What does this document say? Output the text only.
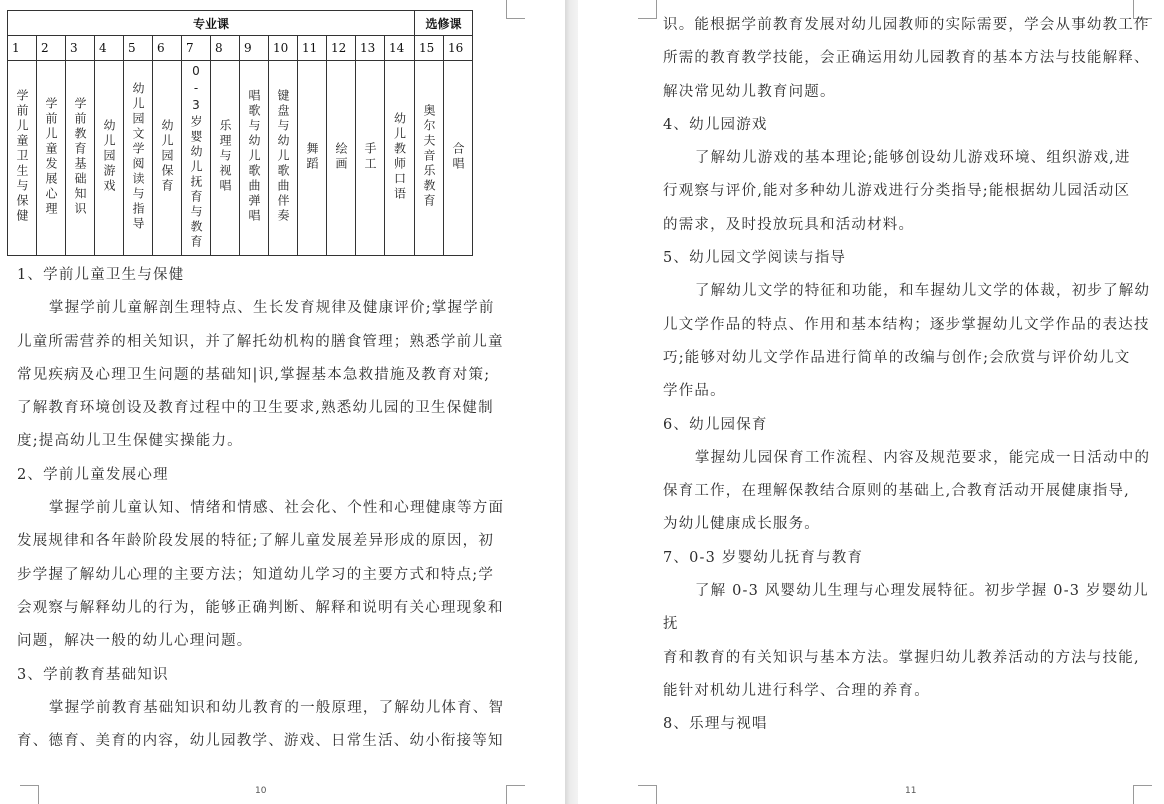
专业课														选修课	
1	2	3	4	5	6	7	8	9	10	11	12	13	14	15	16
学前儿童卫生与保健	学前儿童发展心理	学前教育基础知识	幼儿园游戏	幼儿园文学阅读与指导	幼儿园保育	0-3岁婴幼儿抚育与教育	乐理与视唱	唱歌与幼儿歌曲弹唱	键盘与幼儿歌曲伴奏	舞蹈	绘画	手工	幼儿教师口语	奥尔夫音乐教育	合唱

1、学前儿童卫生与保健

掌握学前儿童解剖生理特点、生长发育规律及健康评价;掌握学前

儿童所需营养的相关知识，并了解托幼机构的膳食管理；熟悉学前儿童

常见疾病及心理卫生问题的基础知|识,掌握基本急救措施及教育对策;

了解教育环境创设及教育过程中的卫生要求,熟悉幼儿园的卫生保健制

度;提高幼儿卫生保健实操能力。

2、学前儿童发展心理

掌握学前儿童认知、情绪和情感、社会化、个性和心理健康等方面

发展规律和各年龄阶段发展的特征;了解儿童发展差异形成的原因，初

步学握了解幼儿心理的主要方法；知道幼儿学习的主要方式和特点;学

会观察与解释幼儿的行为，能够正确判断、解释和说明有关心理现象和

问题，解决一般的幼儿心理问题。

3、学前教育基础知识

掌握学前教育基础知识和幼儿教育的一般原理，了解幼儿体育、智

育、德育、美育的内容，幼儿园教学、游戏、日常生活、幼小衔接等知

10

识。能根据学前教育发展对幼儿园教师的实际需要，学会从事幼教工作

所需的教育教学技能，会正确运用幼儿园教育的基本方法与技能解释、

解决常见幼儿教育问题。

4、幼儿园游戏

了解幼儿游戏的基本理论;能够创设幼儿游戏环境、组织游戏,进

行观察与评价,能对多种幼儿游戏进行分类指导;能根据幼儿园活动区

的需求，及时投放玩具和活动材料。

5、幼儿园文学阅读与指导

了解幼儿文学的特征和功能，和车握幼儿文学的体裁，初步了解幼

儿文学作品的特点、作用和基本结构；逐步掌握幼儿文学作品的表达技

巧;能够对幼儿文学作品进行简单的改编与创作;会欣赏与评价幼儿文

学作品。

6、幼儿园保育

掌握幼儿园保育工作流程、内容及规范要求，能完成一日活动中的

保育工作，在理解保教结合原则的基础上,合教育活动开展健康指导,

为幼儿健康成长服务。

7、0-3 岁婴幼儿抚育与教育

了解 0-3 风婴幼儿生理与心理发展特征。初步学握 0-3 岁婴幼儿抚

育和教育的有关知识与基本方法。掌握归幼儿教养活动的方法与技能,

能针对机幼儿进行科学、合理的养育。

8、乐理与视唱

11
